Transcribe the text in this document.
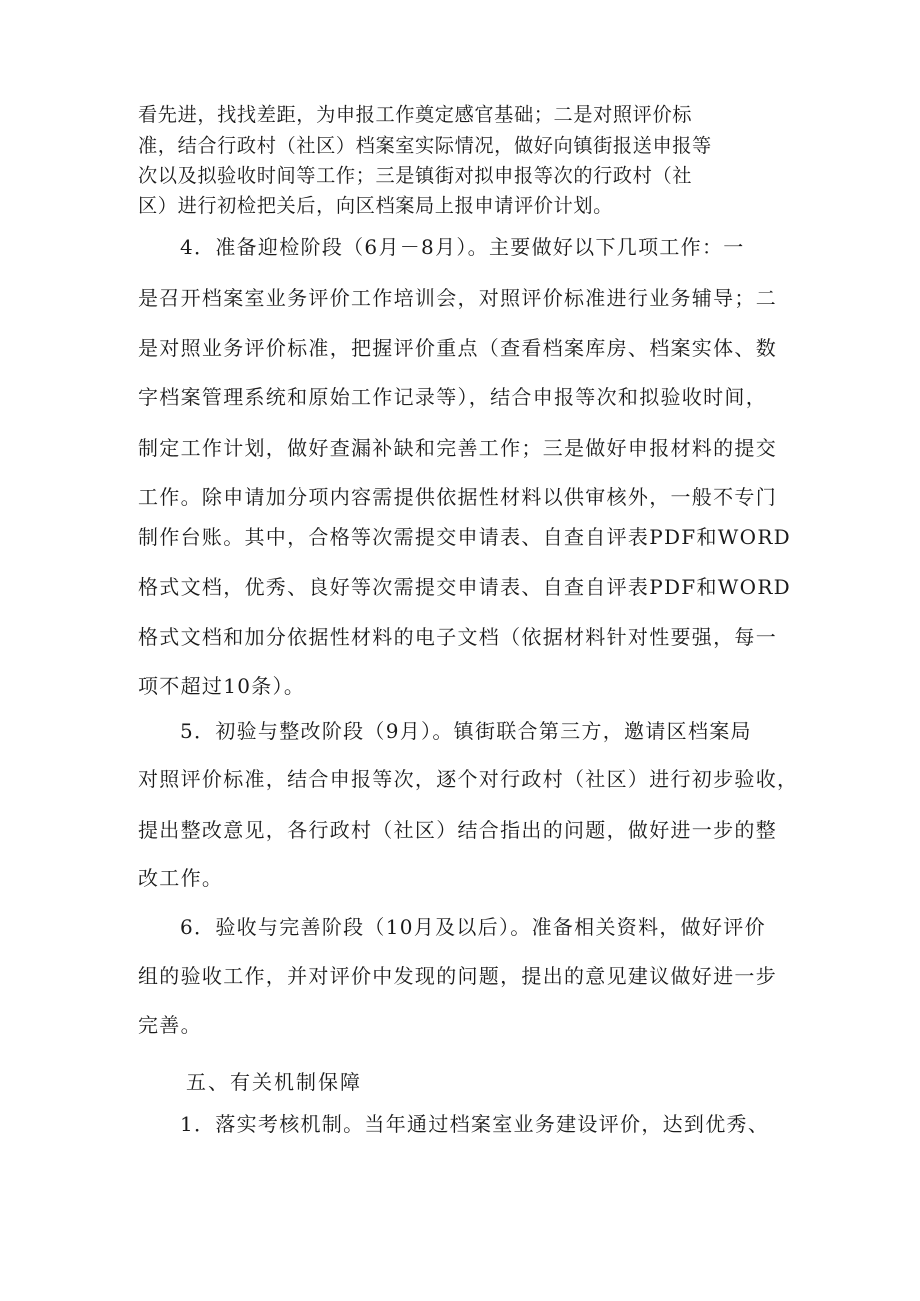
看先进，找找差距，为申报工作奠定感官基础；二是对照评价标
准，结合行政村（社区）档案室实际情况，做好向镇街报送申报等
次以及拟验收时间等工作；三是镇街对拟申报等次的行政村（社
区）进行初检把关后，向区档案局上报申请评价计划。
4．准备迎检阶段（6月－8月）。主要做好以下几项工作：一
是召开档案室业务评价工作培训会，对照评价标准进行业务辅导；二
是对照业务评价标准，把握评价重点（查看档案库房、档案实体、数
字档案管理系统和原始工作记录等），结合申报等次和拟验收时间，
制定工作计划，做好查漏补缺和完善工作；三是做好申报材料的提交
工作。除申请加分项内容需提供依据性材料以供审核外，一般不专门
制作台账。其中，合格等次需提交申请表、自查自评表PDF和WORD
格式文档，优秀、良好等次需提交申请表、自查自评表PDF和WORD
格式文档和加分依据性材料的电子文档（依据材料针对性要强，每一
项不超过10条）。
5．初验与整改阶段（9月）。镇街联合第三方，邀请区档案局
对照评价标准，结合申报等次，逐个对行政村（社区）进行初步验收，
提出整改意见，各行政村（社区）结合指出的问题，做好进一步的整
改工作。
6．验收与完善阶段（10月及以后）。准备相关资料，做好评价
组的验收工作，并对评价中发现的问题，提出的意见建议做好进一步
完善。
五、有关机制保障
1．落实考核机制。当年通过档案室业务建设评价，达到优秀、
